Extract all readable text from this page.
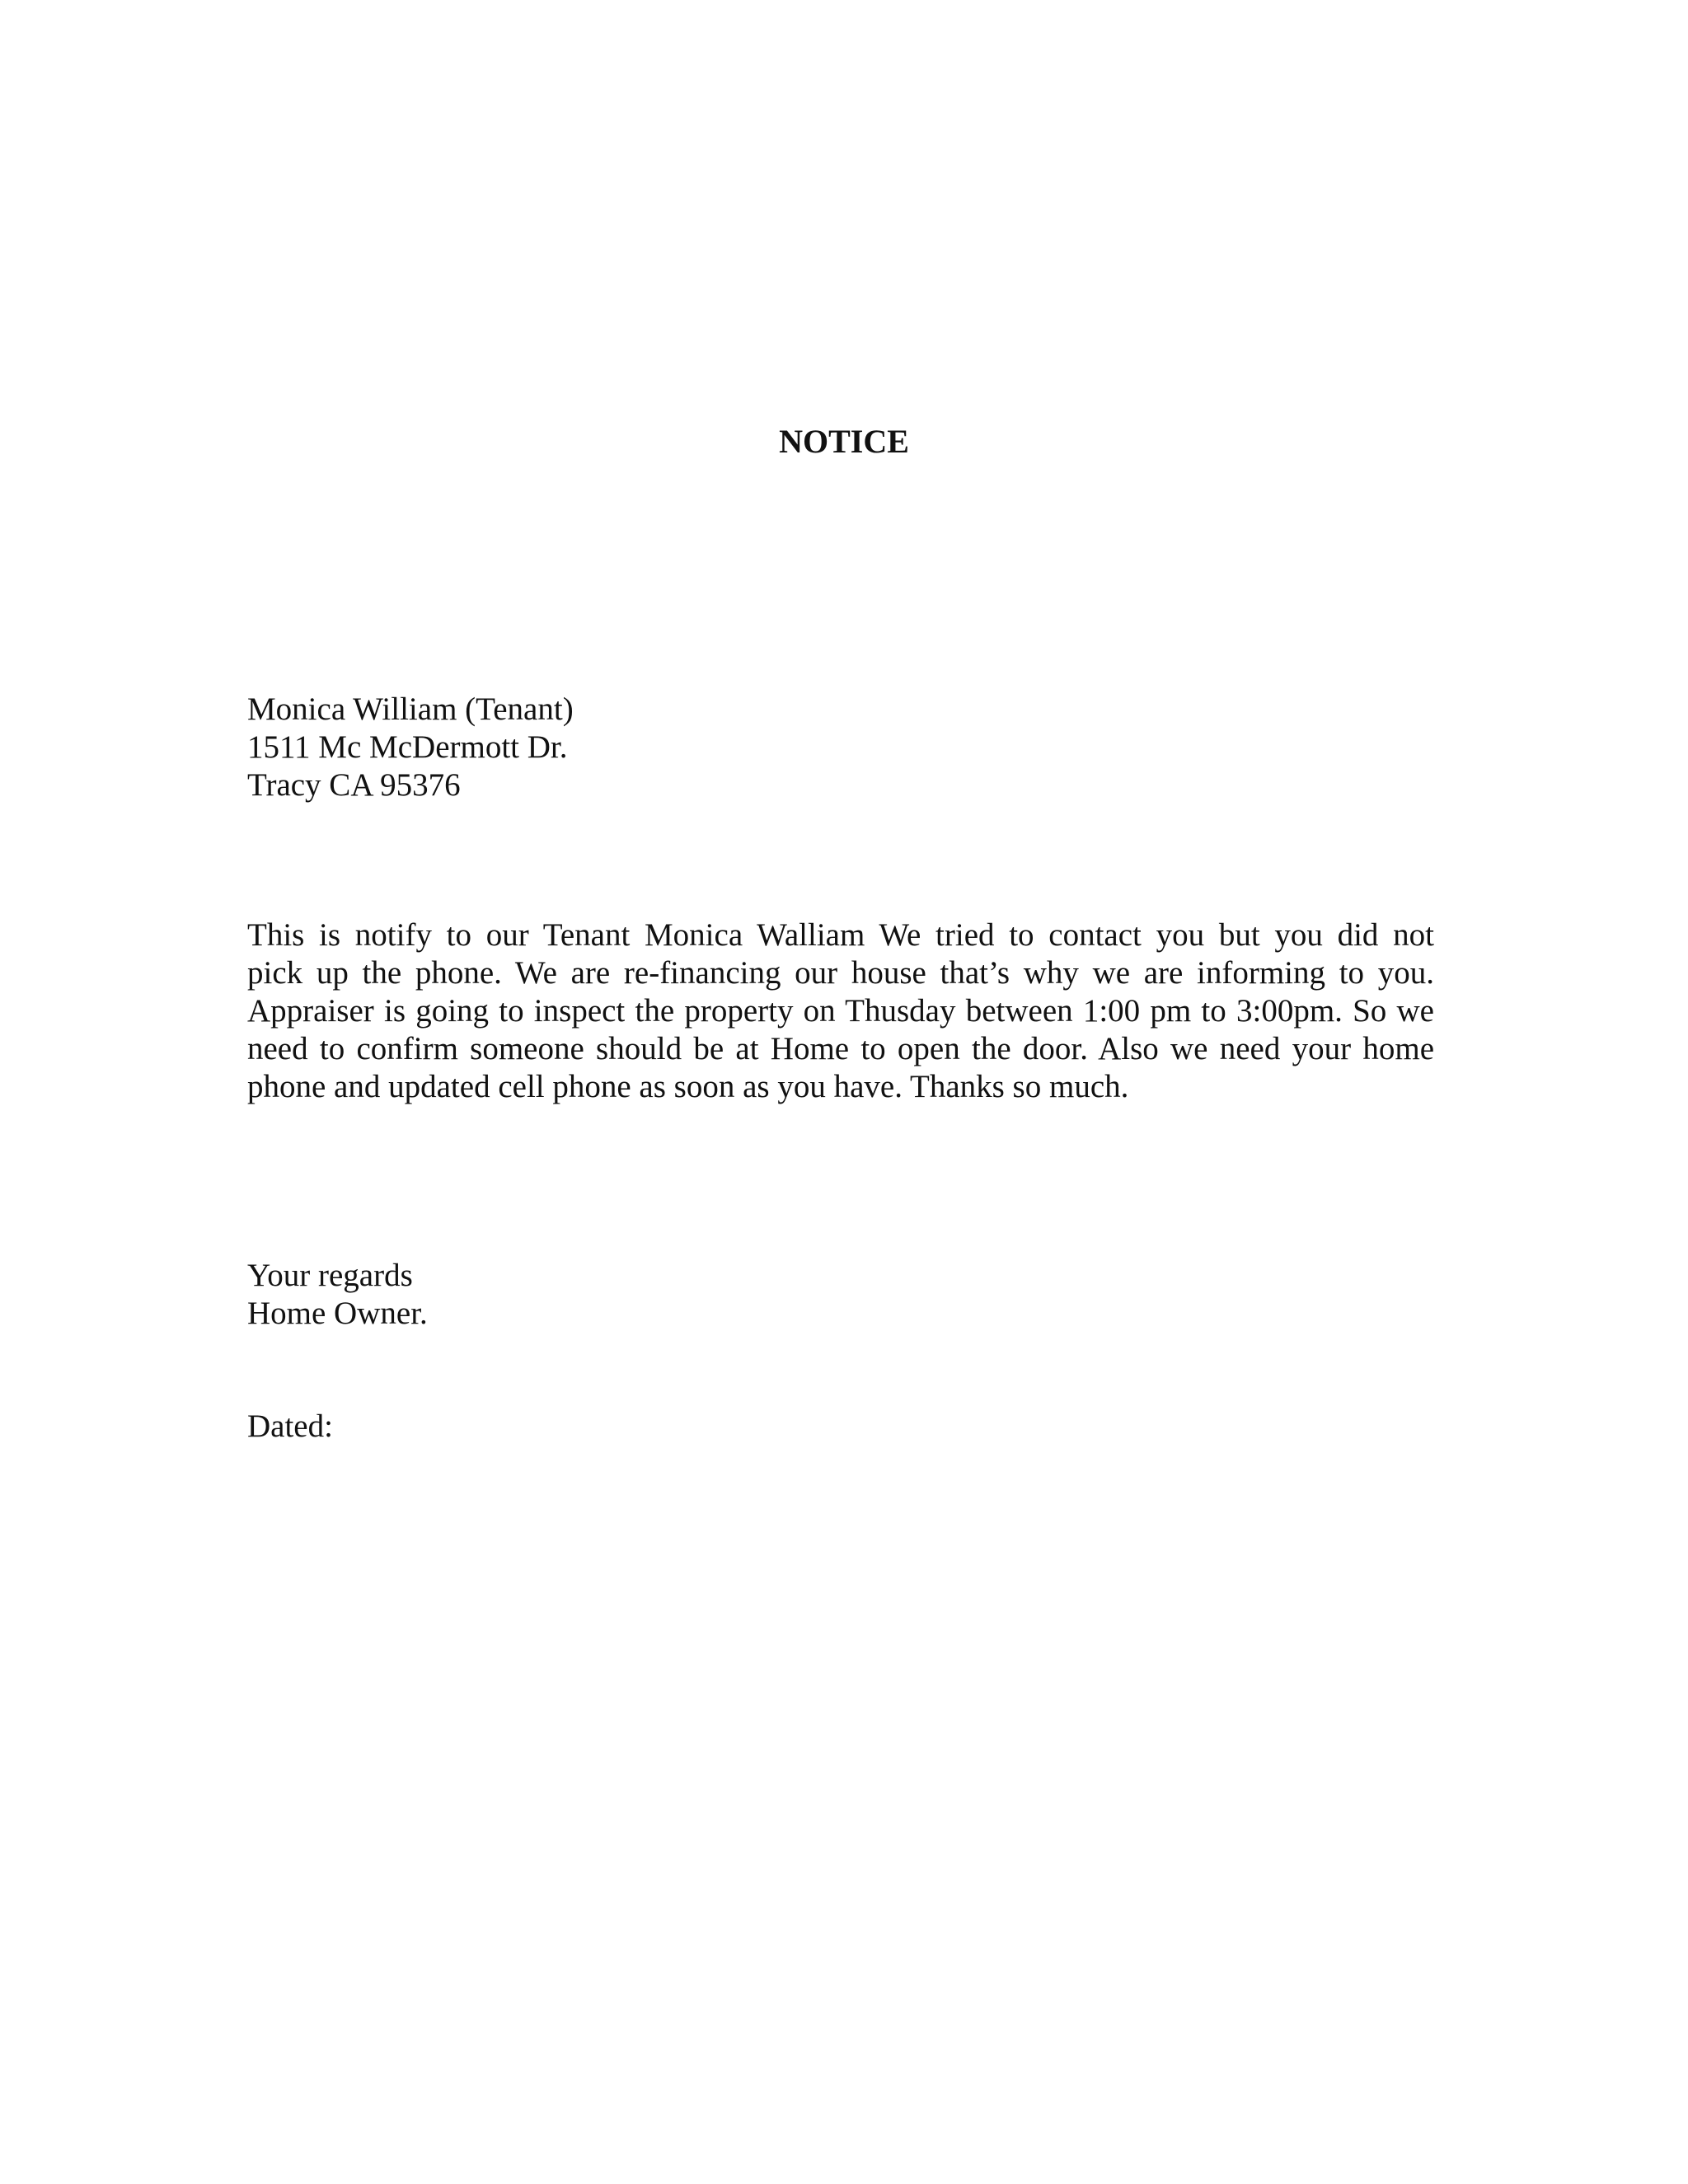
NOTICE
Monica William (Tenant)
1511 Mc McDermott Dr.
Tracy CA 95376
This is notify to our Tenant Monica Walliam We tried to contact you but you did not
pick up the phone. We are re-financing our house that’s why we are informing to you.
Appraiser is going to inspect the property on Thusday between 1:00 pm to 3:00pm. So we
need to confirm someone should be at Home to open the door. Also we need your home
phone and updated cell phone as soon as you have. Thanks so much.
Your regards
Home Owner.
Dated:
